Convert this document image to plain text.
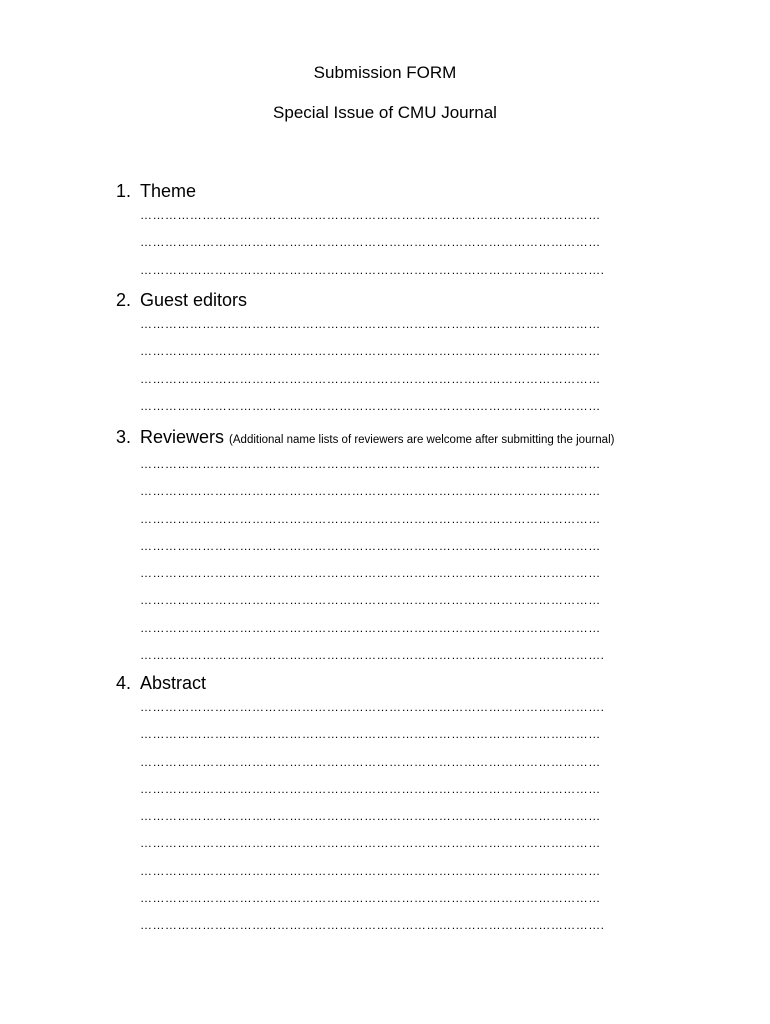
Submission FORM
Special Issue of CMU Journal
1. Theme
…………………………………………………………………………………………………
…………………………………………………………………………………………………
………………………………………………………………………………………………….
2. Guest editors
…………………………………………………………………………………………………
…………………………………………………………………………………………………
…………………………………………………………………………………………………
…………………………………………………………………………………………………
3. Reviewers (Additional name lists of reviewers are welcome after submitting the journal)
…………………………………………………………………………………………………
…………………………………………………………………………………………………
…………………………………………………………………………………………………
…………………………………………………………………………………………………
…………………………………………………………………………………………………
…………………………………………………………………………………………………
…………………………………………………………………………………………………
………………………………………………………………………………………………….
4. Abstract
………………………………………………………………………………………………….
…………………………………………………………………………………………………
…………………………………………………………………………………………………
…………………………………………………………………………………………………
…………………………………………………………………………………………………
…………………………………………………………………………………………………
…………………………………………………………………………………………………
…………………………………………………………………………………………………
………………………………………………………………………………………………….
